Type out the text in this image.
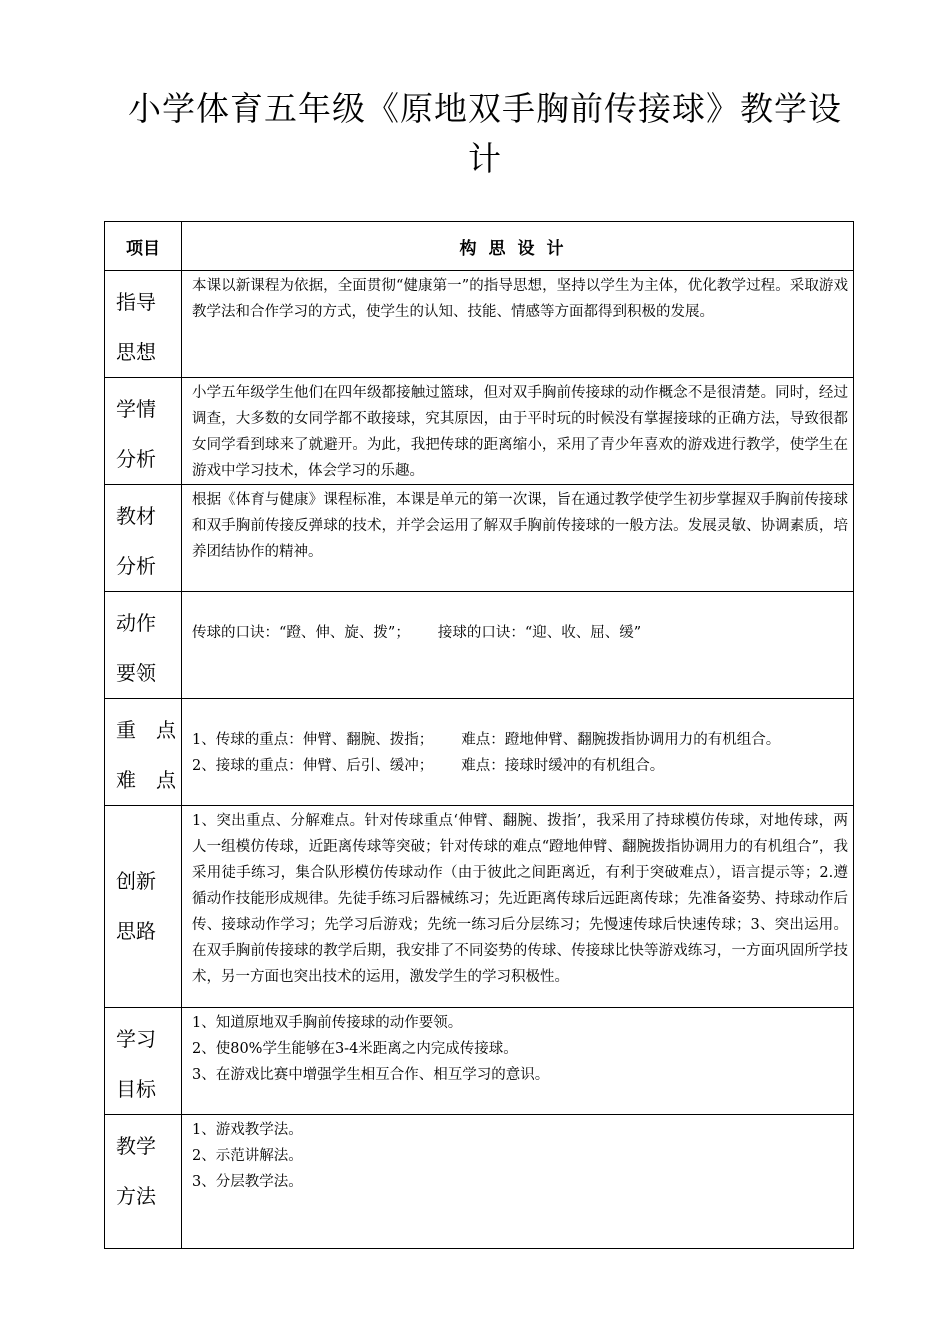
小学体育五年级《原地双手胸前传接球》教学设
计
项目	构思设计

指导
思想	本课以新课程为依据，全面贯彻“健康第一”的指导思想，坚持以学生为主体，优化教学过程。采取游戏教学法和合作学习的方式，使学生的认知、技能、情感等方面都得到积极的发展。

学情
分析	小学五年级学生他们在四年级都接触过篮球，但对双手胸前传接球的动作概念不是很清楚。同时，经过调查，大多数的女同学都不敢接球，究其原因，由于平时玩的时候没有掌握接球的正确方法，导致很都女同学看到球来了就避开。为此，我把传球的距离缩小，采用了青少年喜欢的游戏进行教学，使学生在游戏中学习技术，体会学习的乐趣。

教材
分析	根据《体育与健康》课程标准，本课是单元的第一次课，旨在通过教学使学生初步掌握双手胸前传接球和双手胸前传接反弹球的技术，并学会运用了解双手胸前传接球的一般方法。发展灵敏、协调素质，培养团结协作的精神。

动作
要领	传球的口诀：“蹬、伸、旋、拨”； 接球的口诀：“迎、收、屈、缓”

重　点
难　点	1、传球的重点：伸臂、翻腕、拨指； 难点：蹬地伸臂、翻腕拨指协调用力的有机组合。
2、接球的重点：伸臂、后引、缓冲； 难点：接球时缓冲的有机组合。

创新
思路	1、突出重点、分解难点。针对传球重点‘伸臂、翻腕、拨指’，我采用了持球模仿传球，对地传球，两人一组模仿传球，近距离传球等突破；针对传球的难点“蹬地伸臂、翻腕拨指协调用力的有机组合”，我采用徒手练习，集合队形模仿传球动作（由于彼此之间距离近，有利于突破难点），语言提示等；2.遵循动作技能形成规律。先徒手练习后器械练习；先近距离传球后远距离传球；先准备姿势、持球动作后传、接球动作学习；先学习后游戏；先统一练习后分层练习；先慢速传球后快速传球；3、突出运用。在双手胸前传接球的教学后期，我安排了不同姿势的传球、传接球比快等游戏练习，一方面巩固所学技术，另一方面也突出技术的运用，激发学生的学习积极性。

学习
目标	1、知道原地双手胸前传接球的动作要领。
2、使80%学生能够在3-4米距离之内完成传接球。
3、在游戏比赛中增强学生相互合作、相互学习的意识。

教学
方法	1、游戏教学法。
2、示范讲解法。
3、分层教学法。
